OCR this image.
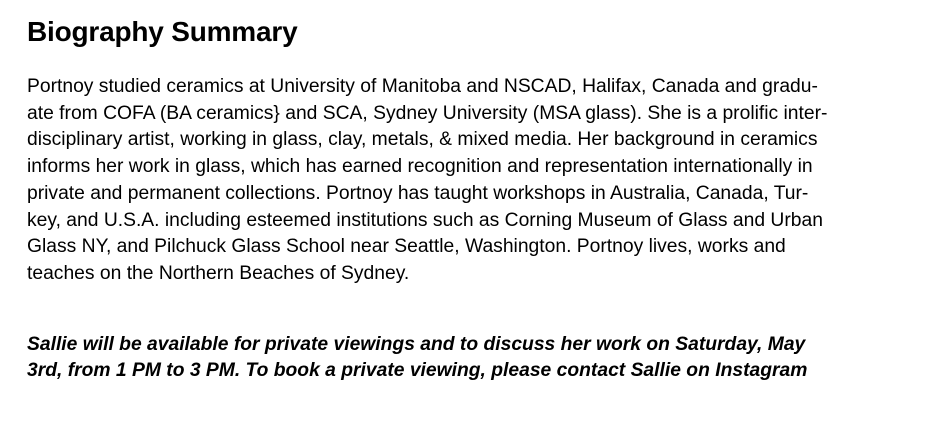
Biography Summary

Portnoy studied ceramics at University of Manitoba and NSCAD, Halifax, Canada and gradu-
ate from COFA (BA ceramics} and SCA, Sydney University (MSA glass). She is a prolific inter-
disciplinary artist, working in glass, clay, metals, & mixed media. Her background in ceramics
informs her work in glass, which has earned recognition and representation internationally in
private and permanent collections. Portnoy has taught workshops in Australia, Canada, Tur-
key, and U.S.A. including esteemed institutions such as Corning Museum of Glass and Urban
Glass NY, and Pilchuck Glass School near Seattle, Washington. Portnoy lives, works and
teaches on the Northern Beaches of Sydney.

Sallie will be available for private viewings and to discuss her work on Saturday, May
3rd, from 1 PM to 3 PM. To book a private viewing, please contact Sallie on Instagram
